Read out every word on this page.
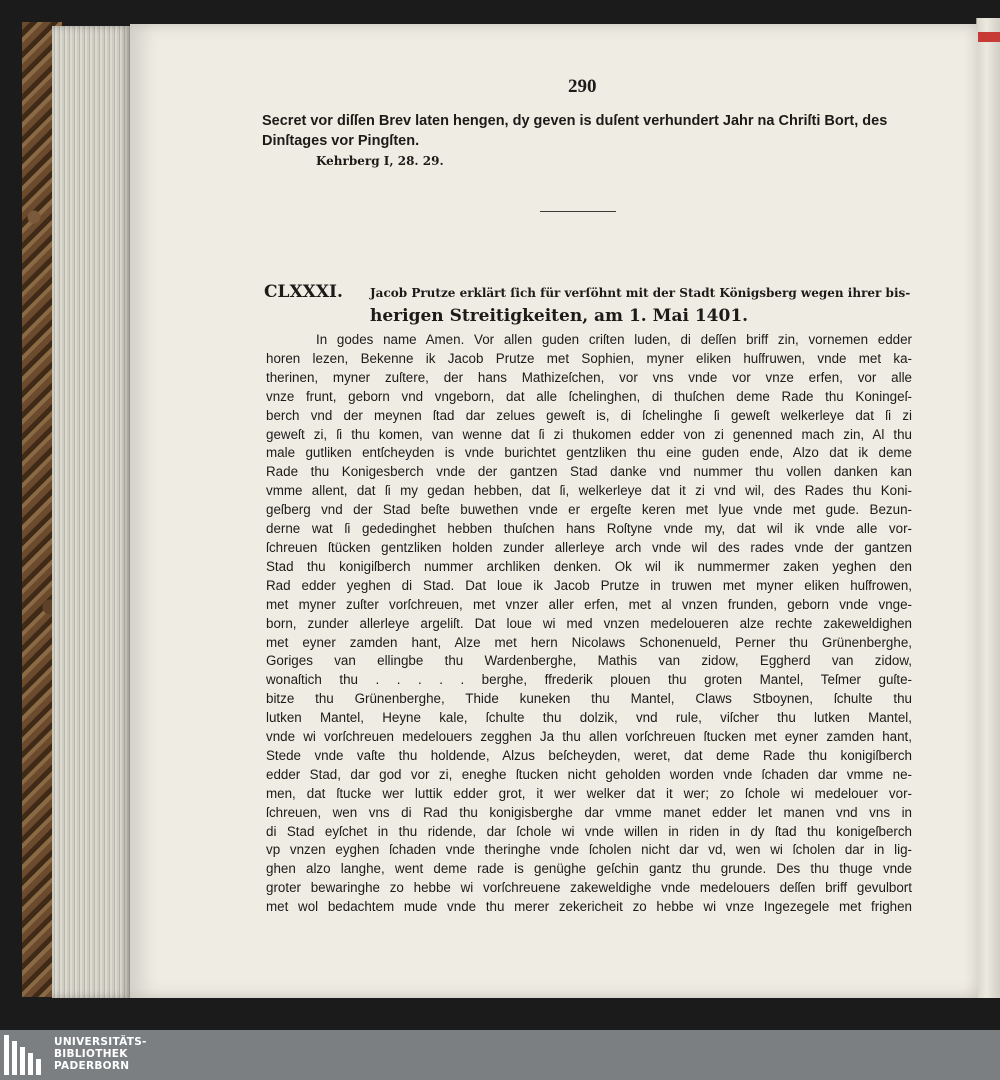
290
Secret vor diſſen Brev laten hengen, dy geven is duſent verhundert Jahr na Chriſti Bort, des
Dinſtages vor Pingſten.
Kehrberg I, 28. 29.
CLXXXI. Jacob Prutze erklärt ſich für verſöhnt mit der Stadt Königsberg wegen ihrer bis-
herigen Streitigkeiten, am 1. Mai 1401.
In godes name Amen. Vor allen guden criſten luden, di deſſen briff zin, vornemen edder
horen lezen, Bekenne ik Jacob Prutze met Sophien, myner eliken huſfruwen, vnde met ka-
therinen, myner zuſtere, der hans Mathizeſchen, vor vns vnde vor vnze erfen, vor alle
vnze frunt, geborn vnd vngeborn, dat alle ſchelinghen, di thuſchen deme Rade thu Koningeſ-
berch vnd der meynen ſtad dar zelues geweſt is, di ſchelinghe ſi geweſt welkerleye dat ſi zi
geweſt zi, ſi thu komen, van wenne dat ſi zi thukomen edder von zi genenned mach zin, Al thu
male gutliken entſcheyden is vnde burichtet gentzliken thu eine guden ende, Alzo dat ik deme
Rade thu Konigesberch vnde der gantzen Stad danke vnd nummer thu vollen danken kan
vmme allent, dat ſi my gedan hebben, dat ſi, welkerleye dat it zi vnd wil, des Rades thu Koni-
geſberg vnd der Stad beſte buwethen vnde er ergeſte keren met lyue vnde met gude. Bezun-
derne wat ſi gededinghet hebben thuſchen hans Roſtyne vnde my, dat wil ik vnde alle vor-
ſchreuen ſtücken gentzliken holden zunder allerleye arch vnde wil des rades vnde der gantzen
Stad thu konigiſberch nummer archliken denken. Ok wil ik nummermer zaken yeghen den
Rad edder yeghen di Stad. Dat loue ik Jacob Prutze in truwen met myner eliken huſfrowen,
met myner zuſter vorſchreuen, met vnzer aller erfen, met al vnzen frunden, geborn vnde vnge-
born, zunder allerleye argeliſt. Dat loue wi med vnzen medeloueren alze rechte zakeweldighen
met eyner zamden hant, Alze met hern Nicolaws Schonenueld, Perner thu Grünenberghe,
Goriges van ellingbe thu Wardenberghe, Mathis van zidow, Eggherd van zidow,
wonaſtich thu . . . . . berghe, ffrederik plouen thu groten Mantel, Teſmer guſte-
bitze thu Grünenberghe, Thide kuneken thu Mantel, Claws Stboynen, ſchulte thu
lutken Mantel, Heyne kale, ſchulte thu dolzik, vnd rule, viſcher thu lutken Mantel,
vnde wi vorſchreuen medelouers zegghen Ja thu allen vorſchreuen ſtucken met eyner zamden hant,
Stede vnde vaſte thu holdende, Alzus beſcheyden, weret, dat deme Rade thu konigiſberch
edder Stad, dar god vor zi, eneghe ſtucken nicht geholden worden vnde ſchaden dar vmme ne-
men, dat ſtucke wer luttik edder grot, it wer welker dat it wer; zo ſchole wi medelouer vor-
ſchreuen, wen vns di Rad thu konigisberghe dar vmme manet edder let manen vnd vns in
di Stad eyſchet in thu ridende, dar ſchole wi vnde willen in riden in dy ſtad thu konigeſberch
vp vnzen eyghen ſchaden vnde theringhe vnde ſcholen nicht dar vd, wen wi ſcholen dar in lig-
ghen alzo langhe, went deme rade is genüghe geſchin gantz thu grunde. Des thu thuge vnde
groter bewaringhe zo hebbe wi vorſchreuene zakeweldighe vnde medelouers deſſen briff gevulbort
met wol bedachtem mude vnde thu merer zekericheit zo hebbe wi vnze Ingezegele met frighen
UNIVERSITÄTS-
BIBLIOTHEK
PADERBORN
